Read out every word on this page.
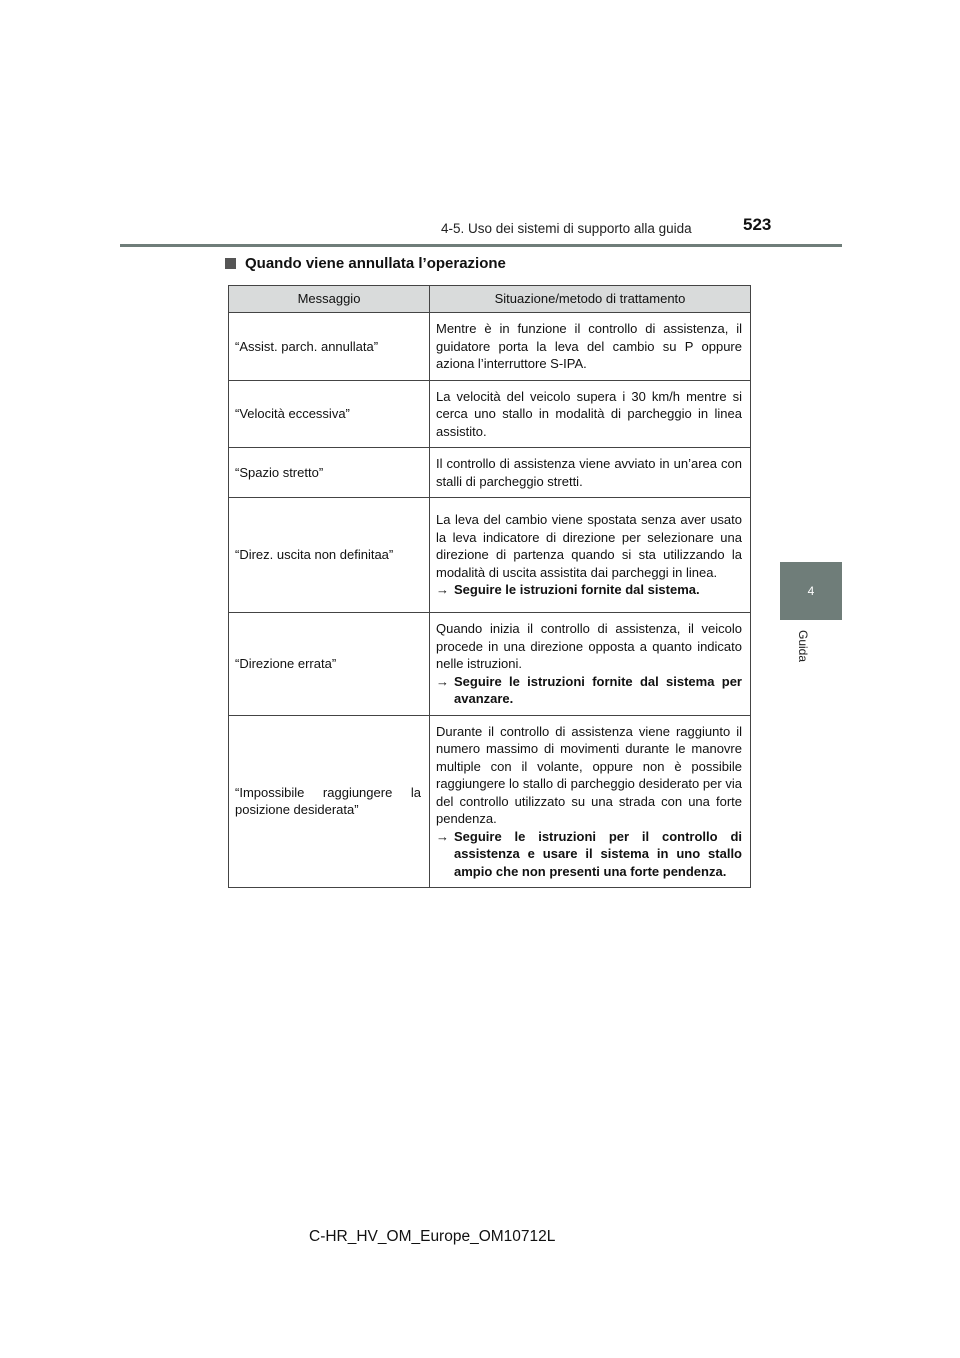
4-5. Uso dei sistemi di supporto alla guida	523
4
Guida
Quando viene annullata l’operazione
Messaggio	Situazione/metodo di trattamento
“Assist. parch. annullata”	Mentre è in funzione il controllo di assistenza, il guidatore porta la leva del cambio su P oppure aziona l’interruttore S-IPA.

“Velocità eccessiva”	La velocità del veicolo supera i 30 km/h mentre si cerca uno stallo in modalità di parcheggio in linea assistito.

“Spazio stretto”	Il controllo di assistenza viene avviato in un’area con stalli di parcheggio stretti.

“Direz. uscita non definitaa”	La leva del cambio viene spostata senza aver usato la leva indicatore di direzione per selezionare una direzione di partenza quando si sta utilizzando la modalità di uscita assistita dai parcheggi in linea.
→ Seguire le istruzioni fornite dal sistema.

“Direzione errata”	Quando inizia il controllo di assistenza, il veicolo procede in una direzione opposta a quanto indicato nelle istruzioni.
→ Seguire le istruzioni fornite dal sistema per avanzare.

“Impossibile raggiungere la posizione desiderata”	Durante il controllo di assistenza viene raggiunto il numero massimo di movimenti durante le manovre multiple con il volante, oppure non è possibile raggiungere lo stallo di parcheggio desiderato per via del controllo utilizzato su una strada con una forte pendenza.
→ Seguire le istruzioni per il controllo di assistenza e usare il sistema in uno stallo ampio che non presenti una forte pendenza.
C-HR_HV_OM_Europe_OM10712L
